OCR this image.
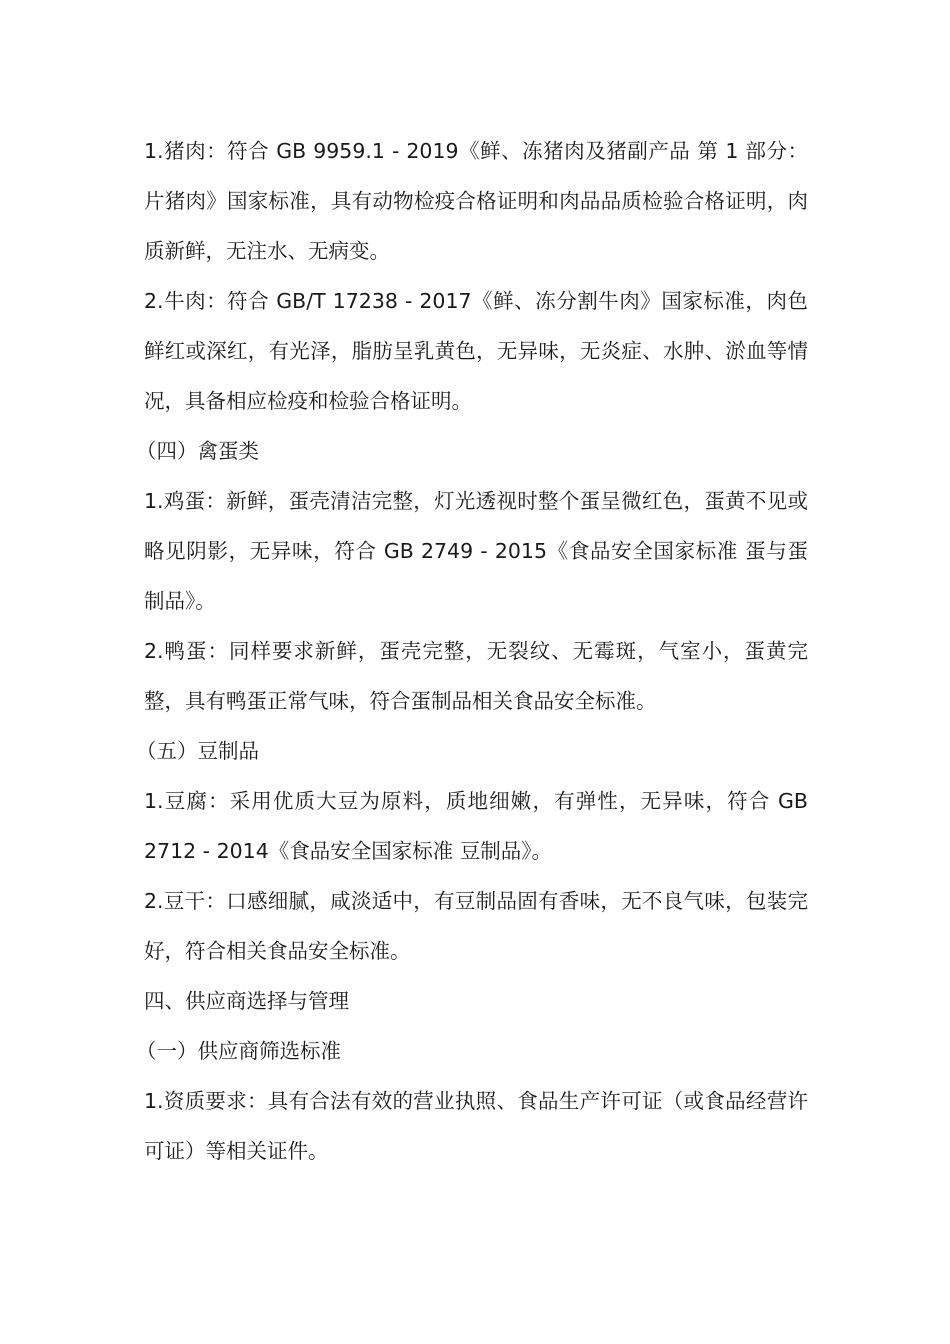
1.猪肉：符合 GB 9959.1 - 2019《鲜、冻猪肉及猪副产品 第 1 部分：片猪肉》国家标准，具有动物检疫合格证明和肉品品质检验合格证明，肉质新鲜，无注水、无病变。

2.牛肉：符合 GB/T 17238 - 2017《鲜、冻分割牛肉》国家标准，肉色鲜红或深红，有光泽，脂肪呈乳黄色，无异味，无炎症、水肿、淤血等情况，具备相应检疫和检验合格证明。

（四）禽蛋类

1.鸡蛋：新鲜，蛋壳清洁完整，灯光透视时整个蛋呈微红色，蛋黄不见或略见阴影，无异味，符合 GB 2749 - 2015《食品安全国家标准 蛋与蛋制品》。

2.鸭蛋：同样要求新鲜，蛋壳完整，无裂纹、无霉斑，气室小，蛋黄完整，具有鸭蛋正常气味，符合蛋制品相关食品安全标准。

（五）豆制品

1.豆腐：采用优质大豆为原料，质地细嫩，有弹性，无异味，符合 GB 2712 - 2014《食品安全国家标准 豆制品》。

2.豆干：口感细腻，咸淡适中，有豆制品固有香味，无不良气味，包装完好，符合相关食品安全标准。

四、供应商选择与管理

（一）供应商筛选标准

1.资质要求：具有合法有效的营业执照、食品生产许可证（或食品经营许可证）等相关证件。
